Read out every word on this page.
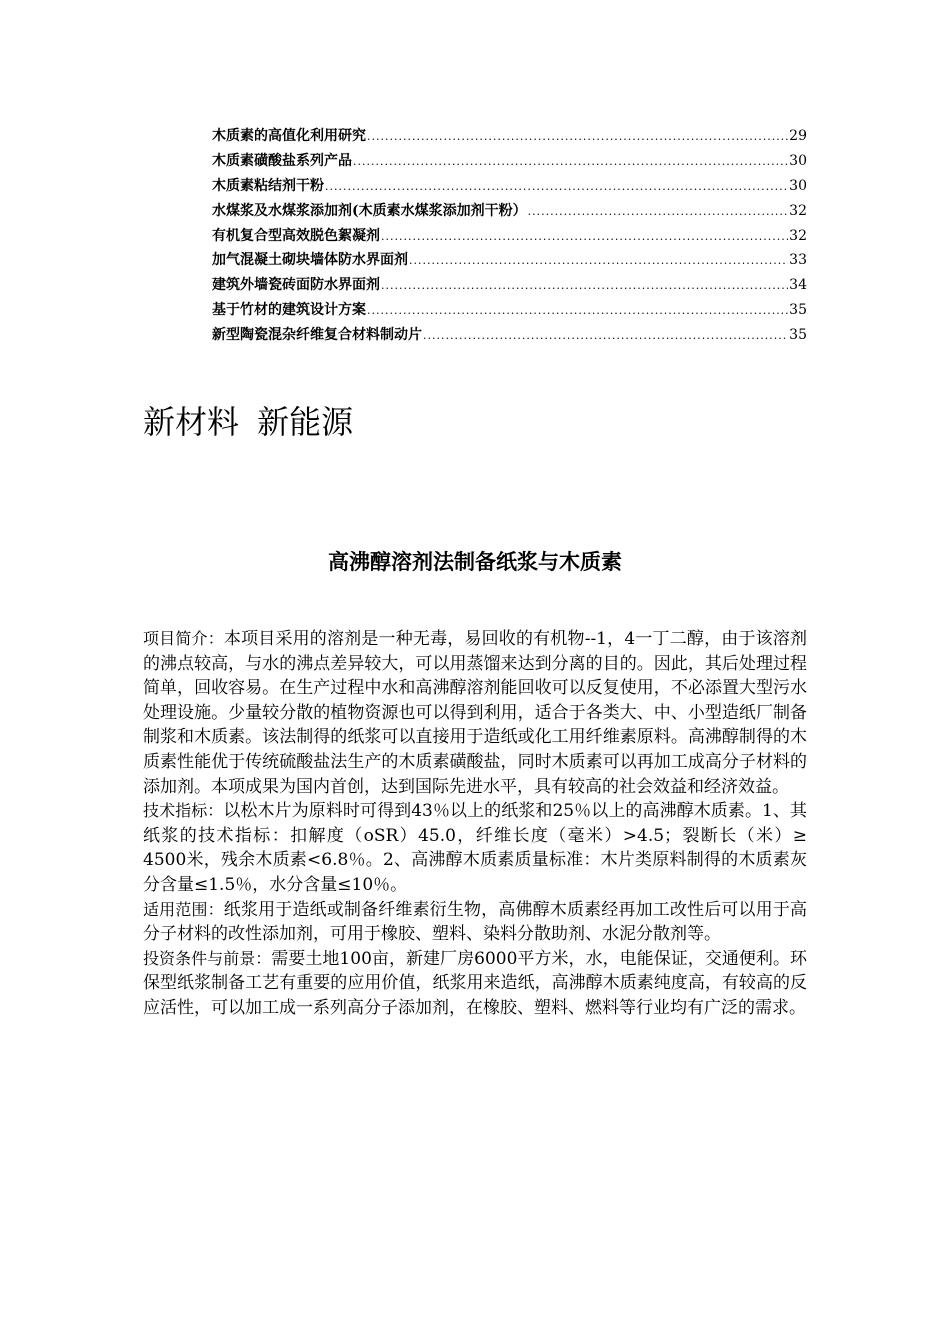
木质素的高值化利用研究 .....	29
木质素磺酸盐系列产品 .....	30
木质素粘结剂干粉 .....	30
水煤浆及水煤浆添加剂(木质素水煤浆添加剂干粉） .....	32
有机复合型高效脱色絮凝剂 .....	32
加气混凝土砌块墙体防水界面剂 .....	33
建筑外墙瓷砖面防水界面剂 .....	34
基于竹材的建筑设计方案 .....	35
新型陶瓷混杂纤维复合材料制动片 .....	35
新材料 新能源
高沸醇溶剂法制备纸浆与木质素

项目简介：本项目采用的溶剂是一种无毒，易回收的有机物--1，4一丁二醇，由于该溶剂的沸点较高，与水的沸点差异较大，可以用蒸馏来达到分离的目的。因此，其后处理过程简单，回收容易。在生产过程中水和高沸醇溶剂能回收可以反复使用，不必添置大型污水处理设施。少量较分散的植物资源也可以得到利用，适合于各类大、中、小型造纸厂制备制浆和木质素。该法制得的纸浆可以直接用于造纸或化工用纤维素原料。高沸醇制得的木质素性能优于传统硫酸盐法生产的木质素磺酸盐，同时木质素可以再加工成高分子材料的添加剂。本项成果为国内首创，达到国际先进水平，具有较高的社会效益和经济效益。

技术指标：以松木片为原料时可得到43％以上的纸浆和25％以上的高沸醇木质素。1、其纸浆的技术指标：扣解度（oSR）45.0，纤维长度（毫米）>4.5；裂断长（米）≥ 4500米，残余木质素<6.8％。2、高沸醇木质素质量标准：木片类原料制得的木质素灰分含量≤1.5％，水分含量≤10％。

适用范围：纸浆用于造纸或制备纤维素衍生物，高佛醇木质素经再加工改性后可以用于高分子材料的改性添加剂，可用于橡胶、塑料、染料分散助剂、水泥分散剂等。

投资条件与前景：需要土地100亩，新建厂房6000平方米，水，电能保证，交通便利。环保型纸浆制备工艺有重要的应用价值，纸浆用来造纸，高沸醇木质素纯度高，有较高的反应活性，可以加工成一系列高分子添加剂，在橡胶、塑料、燃料等行业均有广泛的需求。
